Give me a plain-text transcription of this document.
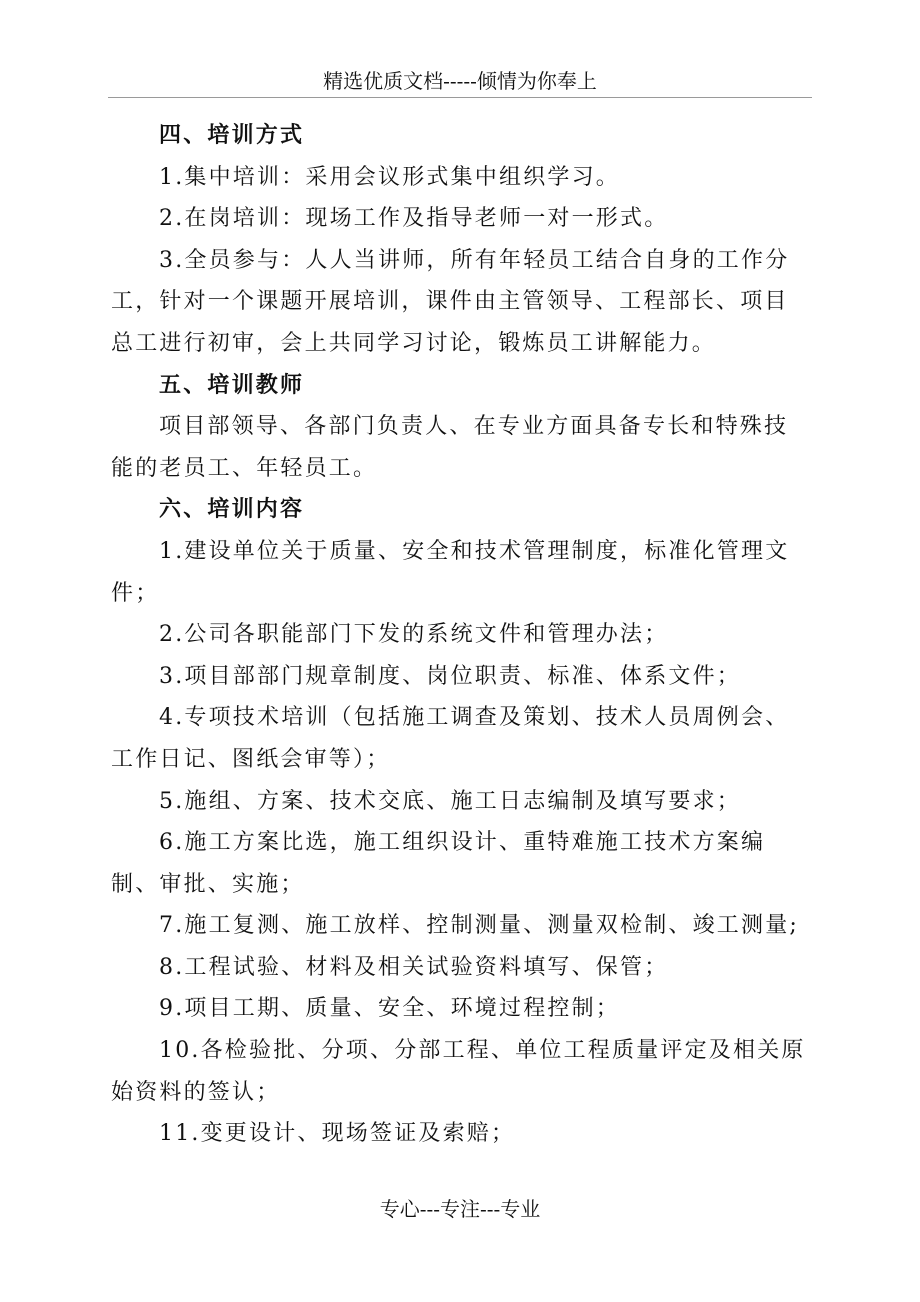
精选优质文档-----倾情为你奉上

四、培训方式

1.集中培训：采用会议形式集中组织学习。

2.在岗培训：现场工作及指导老师一对一形式。

3.全员参与：人人当讲师，所有年轻员工结合自身的工作分工，针对一个课题开展培训，课件由主管领导、工程部长、项目总工进行初审，会上共同学习讨论，锻炼员工讲解能力。

五、培训教师

项目部领导、各部门负责人、在专业方面具备专长和特殊技能的老员工、年轻员工。

六、培训内容

1.建设单位关于质量、安全和技术管理制度，标准化管理文件；

2.公司各职能部门下发的系统文件和管理办法；

3.项目部部门规章制度、岗位职责、标准、体系文件；

4.专项技术培训（包括施工调查及策划、技术人员周例会、工作日记、图纸会审等）；

5.施组、方案、技术交底、施工日志编制及填写要求；

6.施工方案比选，施工组织设计、重特难施工技术方案编制、审批、实施；

7.施工复测、施工放样、控制测量、测量双检制、竣工测量;

8.工程试验、材料及相关试验资料填写、保管；

9.项目工期、质量、安全、环境过程控制；

10.各检验批、分项、分部工程、单位工程质量评定及相关原始资料的签认；

11.变更设计、现场签证及索赔；

专心---专注---专业
